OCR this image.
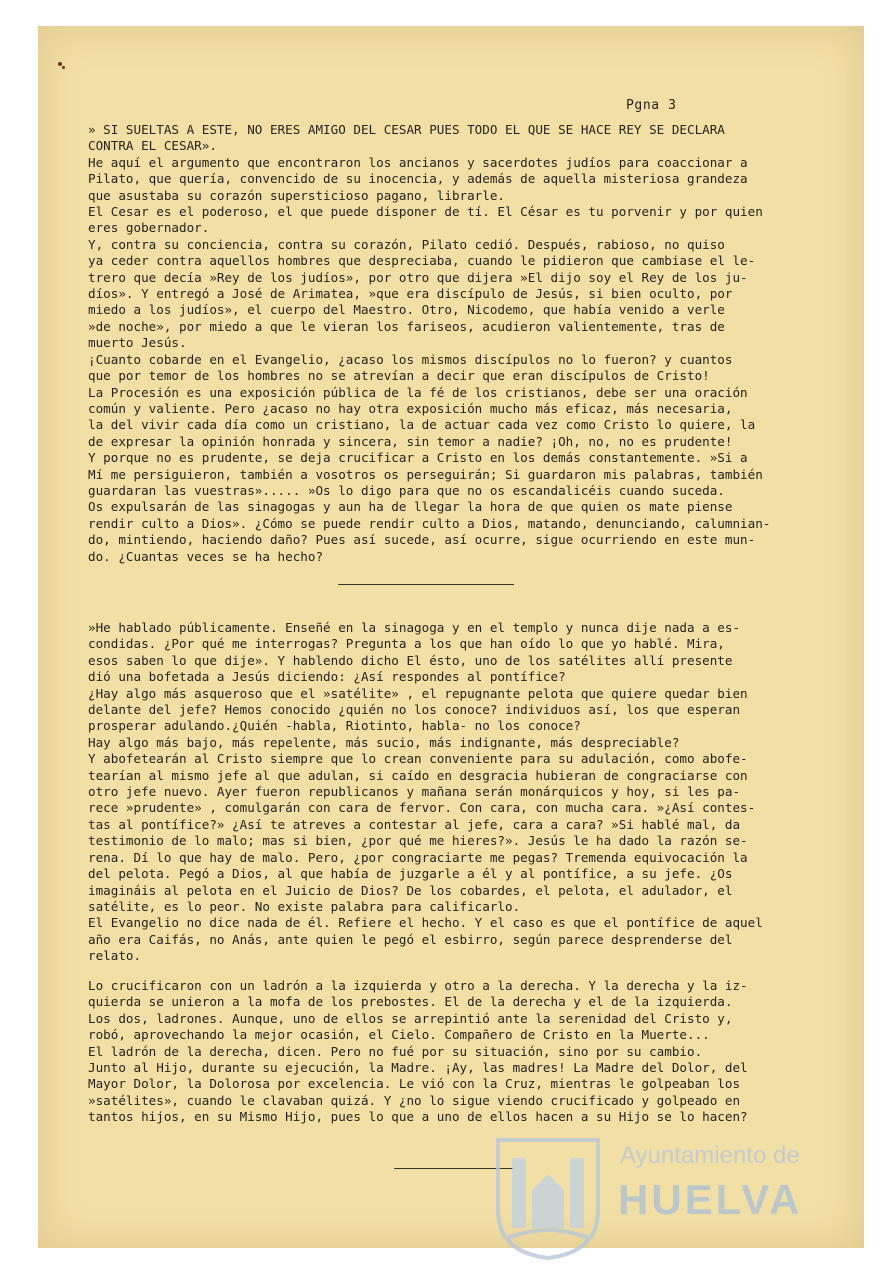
Pgna 3

» SI SUELTAS A ESTE, NO ERES AMIGO DEL CESAR PUES TODO EL QUE SE HACE REY SE DECLARA

CONTRA EL CESAR».

He aquí el argumento que encontraron los ancianos y sacerdotes judíos para coaccionar a

Pilato, que quería, convencido de su inocencia, y además de aquella misteriosa grandeza

que asustaba su corazón supersticioso pagano, librarle.

El Cesar es el poderoso, el que puede disponer de tí. El César es tu porvenir y por quien

eres gobernador.

Y, contra su conciencia, contra su corazón, Pilato cedió. Después, rabioso, no quiso

ya ceder contra aquellos hombres que despreciaba, cuando le pidieron que cambiase el le-

trero que decía »Rey de los judíos», por otro que dijera »El dijo soy el Rey de los ju-

díos». Y entregó a José de Arimatea, »que era discípulo de Jesús, si bien oculto, por

miedo a los judíos», el cuerpo del Maestro. Otro, Nicodemo, que había venido a verle

»de noche», por miedo a que le vieran los fariseos, acudieron valientemente, tras de

muerto Jesús.

¡Cuanto cobarde en el Evangelio, ¿acaso los mismos discípulos no lo fueron? y cuantos

que por temor de los hombres no se atrevían a decir que eran discípulos de Cristo!

La Procesión es una exposición pública de la fé de los cristianos, debe ser una oración

común y valiente. Pero ¿acaso no hay otra exposición mucho más eficaz, más necesaria,

la del vivir cada día como un cristiano, la de actuar cada vez como Cristo lo quiere, la

de expresar la opinión honrada y sincera, sin temor a nadie? ¡Oh, no, no es prudente!

Y porque no es prudente, se deja crucificar a Cristo en los demás constantemente. »Si a

Mí me persiguieron, también a vosotros os perseguirán; Si guardaron mis palabras, también

guardaran las vuestras»..... »Os lo digo para que no os escandalicéis cuando suceda.

Os expulsarán de las sinagogas y aun ha de llegar la hora de que quien os mate piense

rendir culto a Dios». ¿Cómo se puede rendir culto a Dios, matando, denunciando, calumnian-

do, mintiendo, haciendo daño? Pues así sucede, así ocurre, sigue ocurriendo en este mun-

do. ¿Cuantas veces se ha hecho?

»He hablado públicamente. Enseñé en la sinagoga y en el templo y nunca dije nada a es-

condidas. ¿Por qué me interrogas? Pregunta a los que han oído lo que yo hablé. Mira,

esos saben lo que dije». Y hablendo dicho El ésto, uno de los satélites allí presente

dió una bofetada a Jesús diciendo: ¿Así respondes al pontífice?

¿Hay algo más asqueroso que el »satélite» , el repugnante pelota que quiere quedar bien

delante del jefe? Hemos conocido ¿quién no los conoce? individuos así, los que esperan

prosperar adulando.¿Quién -habla, Riotinto, habla- no los conoce?

Hay algo más bajo, más repelente, más sucio, más indignante, más despreciable?

Y abofetearán al Cristo siempre que lo crean conveniente para su adulación, como abofe-

tearían al mismo jefe al que adulan, si caído en desgracia hubieran de congraciarse con

otro jefe nuevo. Ayer fueron republicanos y mañana serán monárquicos y hoy, si les pa-

rece »prudente» , comulgarán con cara de fervor. Con cara, con mucha cara. »¿Así contes-

tas al pontífice?» ¿Así te atreves a contestar al jefe, cara a cara? »Si hablé mal, da

testimonio de lo malo; mas si bien, ¿por qué me hieres?». Jesús le ha dado la razón se-

rena. Dí lo que hay de malo. Pero, ¿por congraciarte me pegas? Tremenda equivocación la

del pelota. Pegó a Dios, al que había de juzgarle a él y al pontífice, a su jefe. ¿Os

imagináis al pelota en el Juicio de Dios? De los cobardes, el pelota, el adulador, el

satélite, es lo peor. No existe palabra para calificarlo.

El Evangelio no dice nada de él. Refiere el hecho. Y el caso es que el pontífice de aquel

año era Caifás, no Anás, ante quien le pegó el esbirro, según parece desprenderse del

relato.

Lo crucificaron con un ladrón a la izquierda y otro a la derecha. Y la derecha y la iz-

quierda se unieron a la mofa de los prebostes. El de la derecha y el de la izquierda.

Los dos, ladrones. Aunque, uno de ellos se arrepintió ante la serenidad del Cristo y,

robó, aprovechando la mejor ocasión, el Cielo. Compañero de Cristo en la Muerte...

El ladrón de la derecha, dicen. Pero no fué por su situación, sino por su cambio.

Junto al Hijo, durante su ejecución, la Madre. ¡Ay, las madres! La Madre del Dolor, del

Mayor Dolor, la Dolorosa por excelencia. Le vió con la Cruz, mientras le golpeaban los

»satélites», cuando le clavaban quizá. Y ¿no lo sigue viendo crucificado y golpeado en

tantos hijos, en su Mismo Hijo, pues lo que a uno de ellos hacen a su Hijo se lo hacen?

Ayuntamiento de
HUELVA
